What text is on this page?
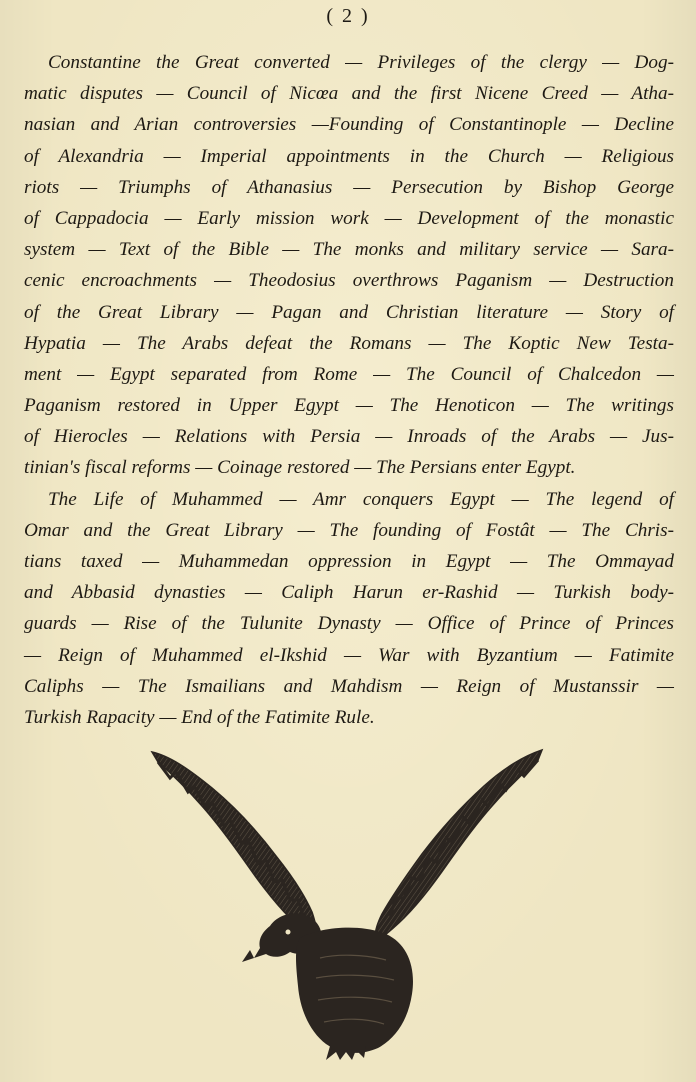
( 2 )
Constantine the Great converted — Privileges of the clergy — Dog-
matic disputes — Council of Nicœa and the first Nicene Creed — Atha-
nasian and Arian controversies —Founding of Constantinople — Decline
of Alexandria — Imperial appointments in the Church — Religious
riots — Triumphs of Athanasius — Persecution by Bishop George
of Cappadocia — Early mission work — Development of the monastic
system — Text of the Bible — The monks and military service — Sara-
cenic encroachments — Theodosius overthrows Paganism — Destruction
of the Great Library — Pagan and Christian literature — Story of
Hypatia — The Arabs defeat the Romans — The Koptic New Testa-
ment — Egypt separated from Rome — The Council of Chalcedon —
Paganism restored in Upper Egypt — The Henoticon — The writings
of Hierocles — Relations with Persia — Inroads of the Arabs — Jus-
tinian's fiscal reforms — Coinage restored — The Persians enter Egypt.
The Life of Muhammed — Amr conquers Egypt — The legend of
Omar and the Great Library — The founding of Fostât — The Chris-
tians taxed — Muhammedan oppression in Egypt — The Ommayad
and Abbasid dynasties — Caliph Harun er-Rashid — Turkish body-
guards — Rise of the Tulunite Dynasty — Office of Prince of Princes
— Reign of Muhammed el-Ikshid — War with Byzantium — Fatimite
Caliphs — The Ismailians and Mahdism — Reign of Mustanssir —
Turkish Rapacity — End of the Fatimite Rule.
